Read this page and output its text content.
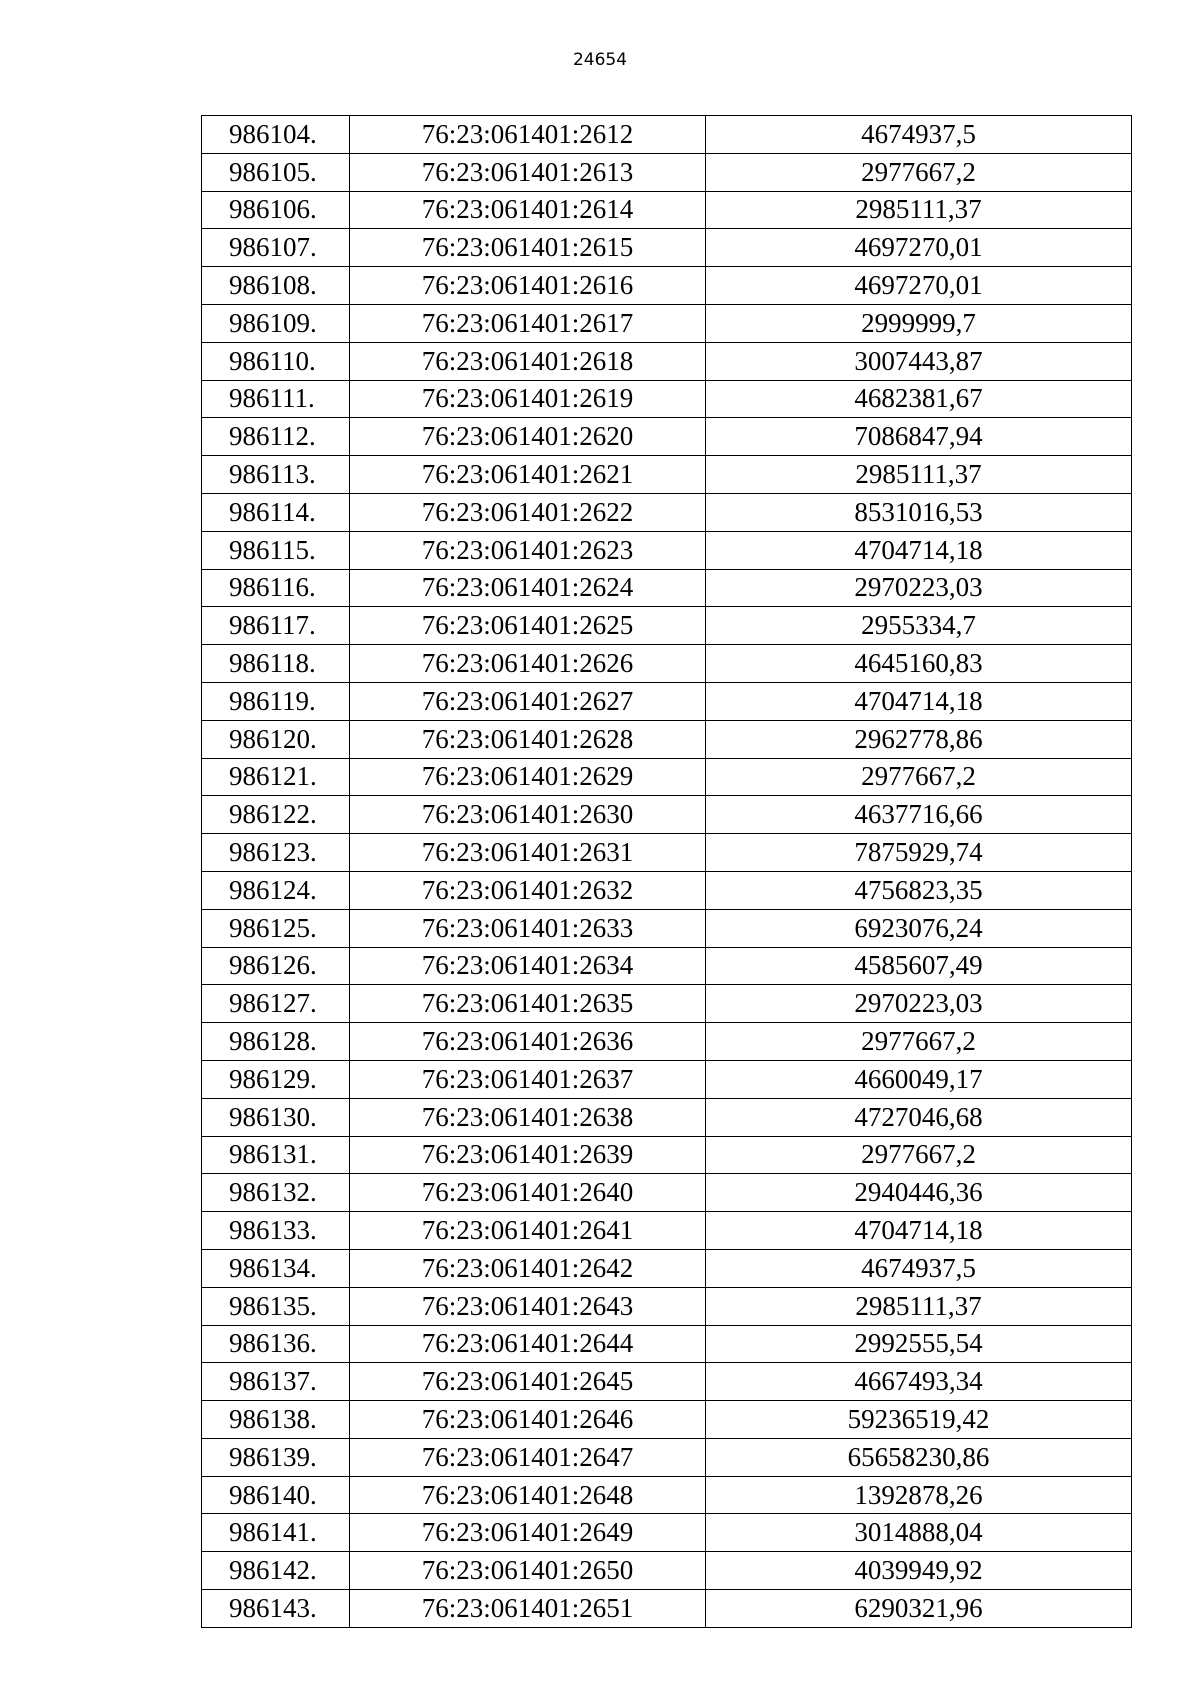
24654
986104.	76:23:061401:2612	4674937,5
986105.	76:23:061401:2613	2977667,2
986106.	76:23:061401:2614	2985111,37
986107.	76:23:061401:2615	4697270,01
986108.	76:23:061401:2616	4697270,01
986109.	76:23:061401:2617	2999999,7
986110.	76:23:061401:2618	3007443,87
986111.	76:23:061401:2619	4682381,67
986112.	76:23:061401:2620	7086847,94
986113.	76:23:061401:2621	2985111,37
986114.	76:23:061401:2622	8531016,53
986115.	76:23:061401:2623	4704714,18
986116.	76:23:061401:2624	2970223,03
986117.	76:23:061401:2625	2955334,7
986118.	76:23:061401:2626	4645160,83
986119.	76:23:061401:2627	4704714,18
986120.	76:23:061401:2628	2962778,86
986121.	76:23:061401:2629	2977667,2
986122.	76:23:061401:2630	4637716,66
986123.	76:23:061401:2631	7875929,74
986124.	76:23:061401:2632	4756823,35
986125.	76:23:061401:2633	6923076,24
986126.	76:23:061401:2634	4585607,49
986127.	76:23:061401:2635	2970223,03
986128.	76:23:061401:2636	2977667,2
986129.	76:23:061401:2637	4660049,17
986130.	76:23:061401:2638	4727046,68
986131.	76:23:061401:2639	2977667,2
986132.	76:23:061401:2640	2940446,36
986133.	76:23:061401:2641	4704714,18
986134.	76:23:061401:2642	4674937,5
986135.	76:23:061401:2643	2985111,37
986136.	76:23:061401:2644	2992555,54
986137.	76:23:061401:2645	4667493,34
986138.	76:23:061401:2646	59236519,42
986139.	76:23:061401:2647	65658230,86
986140.	76:23:061401:2648	1392878,26
986141.	76:23:061401:2649	3014888,04
986142.	76:23:061401:2650	4039949,92
986143.	76:23:061401:2651	6290321,96
